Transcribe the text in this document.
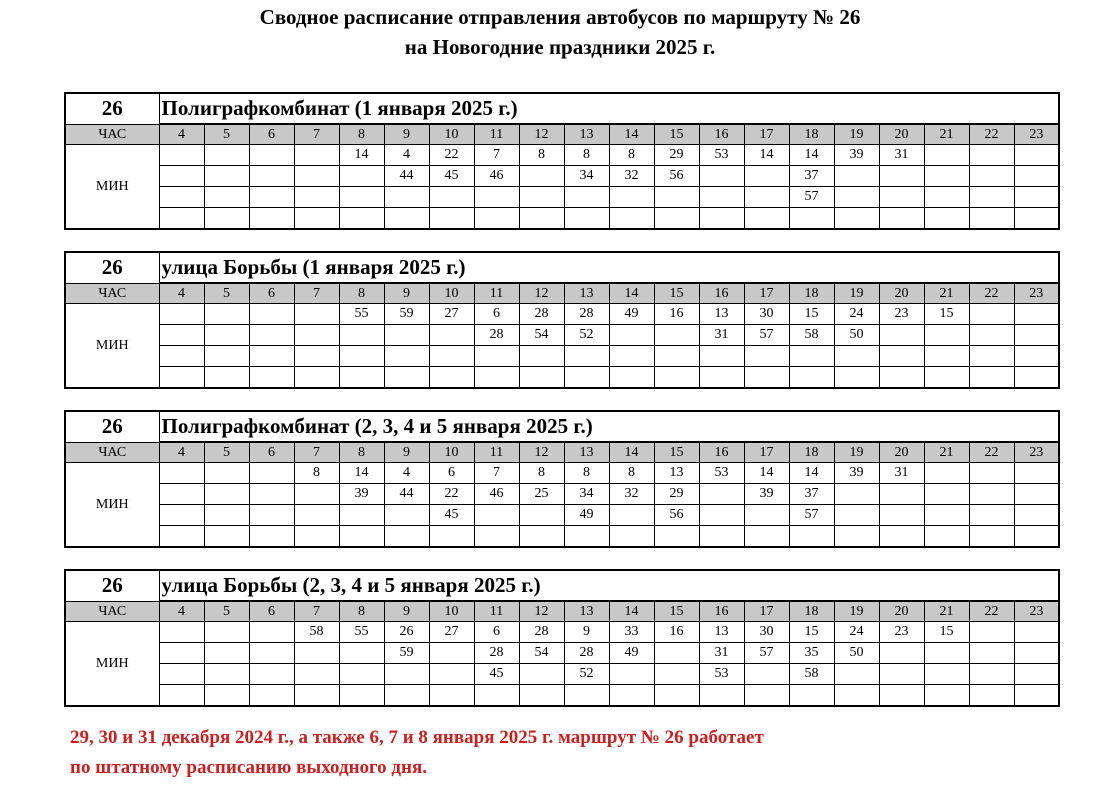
Сводное расписание отправления автобусов по маршруту № 26
на Новогодние праздники 2025 г.
26	Полиграфкомбинат (1 января 2025 г.)																			
ЧАС	4	5	6	7	8	9	10	11	12	13	14	15	16	17	18	19	20	21	22	23
МИН					14	4	22	7	8	8	8	29	53	14	14	39	31			
						44	45	46		34	32	56			37					
															57					

26	улица Борьбы (1 января 2025 г.)																			
ЧАС	4	5	6	7	8	9	10	11	12	13	14	15	16	17	18	19	20	21	22	23
МИН					55	59	27	6	28	28	49	16	13	30	15	24	23	15		
								28	54	52			31	57	58	50				

26	Полиграфкомбинат (2, 3, 4 и 5 января 2025 г.)																			
ЧАС	4	5	6	7	8	9	10	11	12	13	14	15	16	17	18	19	20	21	22	23
МИН				8	14	4	6	7	8	8	8	13	53	14	14	39	31			
					39	44	22	46	25	34	32	29		39	37					
							45			49		56			57					

26	улица Борьбы (2, 3, 4 и 5 января 2025 г.)																			
ЧАС	4	5	6	7	8	9	10	11	12	13	14	15	16	17	18	19	20	21	22	23
МИН				58	55	26	27	6	28	9	33	16	13	30	15	24	23	15		
						59		28	54	28	49		31	57	35	50				
								45		52			53		58					

29, 30 и 31 декабря 2024 г., а также 6, 7 и 8 января 2025 г. маршрут № 26 работает
по штатному расписанию выходного дня.
